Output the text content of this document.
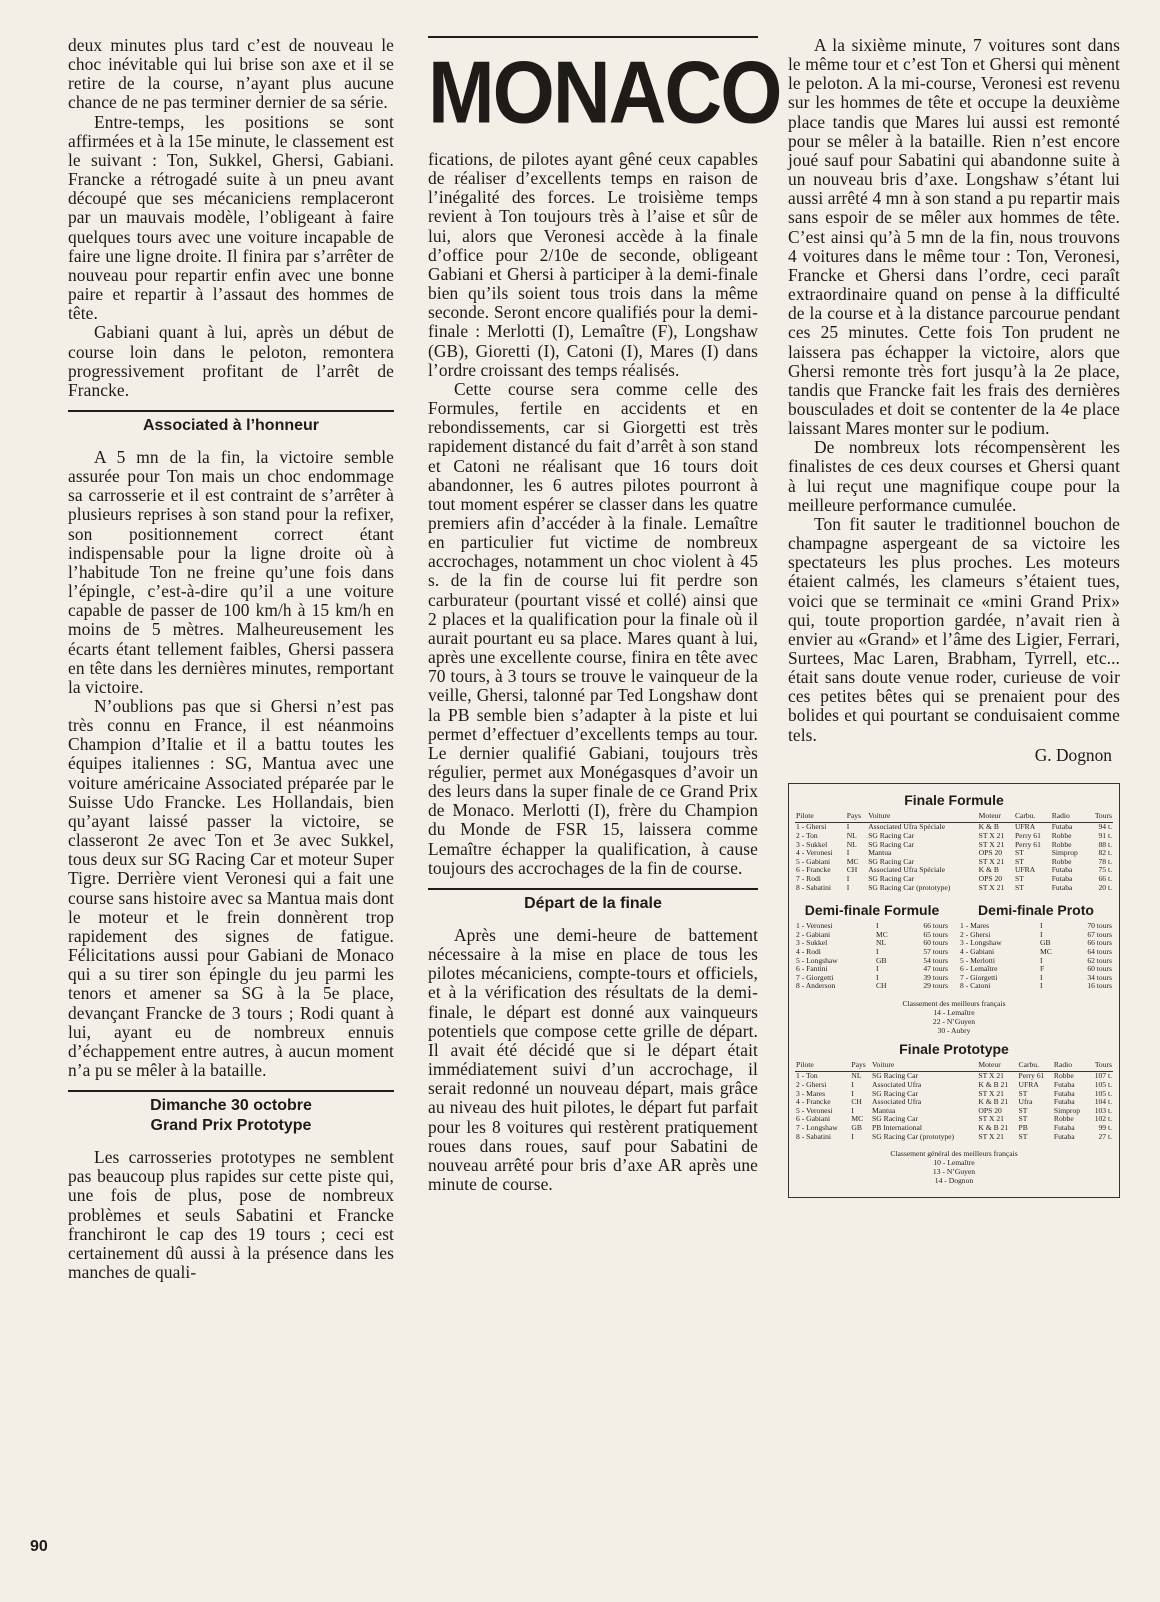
deux minutes plus tard c’est de nouveau le choc inévitable qui lui brise son axe et il se retire de la course, n’ayant plus aucune chance de ne pas terminer dernier de sa série.

Entre-temps, les positions se sont affirmées et à la 15e minute, le classement est le suivant : Ton, Sukkel, Ghersi, Gabiani. Francke a rétrogadé suite à un pneu avant découpé que ses mécaniciens remplaceront par un mauvais modèle, l’obligeant à faire quelques tours avec une voiture incapable de faire une ligne droite. Il finira par s’arrêter de nouveau pour repartir enfin avec une bonne paire et repartir à l’assaut des hommes de tête.

Gabiani quant à lui, après un début de course loin dans le peloton, remontera progressivement profitant de l’arrêt de Francke.

Associated à l’honneur

A 5 mn de la fin, la victoire semble assurée pour Ton mais un choc endommage sa carrosserie et il est contraint de s’arrêter à plusieurs reprises à son stand pour la refixer, son positionnement correct étant indispensable pour la ligne droite où à l’habitude Ton ne freine qu’une fois dans l’épingle, c’est-à-dire qu’il a une voiture capable de passer de 100 km/h à 15 km/h en moins de 5 mètres. Malheureusement les écarts étant tellement faibles, Ghersi passera en tête dans les dernières minutes, remportant la victoire.

N’oublions pas que si Ghersi n’est pas très connu en France, il est néanmoins Champion d’Italie et il a battu toutes les équipes italiennes : SG, Mantua avec une voiture américaine Associated préparée par le Suisse Udo Francke. Les Hollandais, bien qu’ayant laissé passer la victoire, se classeront 2e avec Ton et 3e avec Sukkel, tous deux sur SG Racing Car et moteur Super Tigre. Derrière vient Veronesi qui a fait une course sans histoire avec sa Mantua mais dont le moteur et le frein donnèrent trop rapidement des signes de fatigue. Félicitations aussi pour Gabiani de Monaco qui a su tirer son épingle du jeu parmi les tenors et amener sa SG à la 5e place, devançant Francke de 3 tours ; Rodi quant à lui, ayant eu de nombreux ennuis d’échappement entre autres, à aucun moment n’a pu se mêler à la bataille.

Dimanche 30 octobre
Grand Prix Prototype

Les carrosseries prototypes ne semblent pas beaucoup plus rapides sur cette piste qui, une fois de plus, pose de nombreux problèmes et seuls Sabatini et Francke franchiront le cap des 19 tours ; ceci est certainement dû aussi à la présence dans les manches de quali-

MONACO

fications, de pilotes ayant gêné ceux capables de réaliser d’excellents temps en raison de l’inégalité des forces. Le troisième temps revient à Ton toujours très à l’aise et sûr de lui, alors que Veronesi accède à la finale d’office pour 2/10e de seconde, obligeant Gabiani et Ghersi à participer à la demi-finale bien qu’ils soient tous trois dans la même seconde. Seront encore qualifiés pour la demi-finale : Merlotti (I), Lemaître (F), Longshaw (GB), Gioretti (I), Catoni (I), Mares (I) dans l’ordre croissant des temps réalisés.

Cette course sera comme celle des Formules, fertile en accidents et en rebondissements, car si Giorgetti est très rapidement distancé du fait d’arrêt à son stand et Catoni ne réalisant que 16 tours doit abandonner, les 6 autres pilotes pourront à tout moment espérer se classer dans les quatre premiers afin d’accéder à la finale. Lemaître en particulier fut victime de nombreux accrochages, notamment un choc violent à 45 s. de la fin de course lui fit perdre son carburateur (pourtant vissé et collé) ainsi que 2 places et la qualification pour la finale où il aurait pourtant eu sa place. Mares quant à lui, après une excellente course, finira en tête avec 70 tours, à 3 tours se trouve le vainqueur de la veille, Ghersi, talonné par Ted Longshaw dont la PB semble bien s’adapter à la piste et lui permet d’effectuer d’excellents temps au tour. Le dernier qualifié Gabiani, toujours très régulier, permet aux Monégasques d’avoir un des leurs dans la super finale de ce Grand Prix de Monaco. Merlotti (I), frère du Champion du Monde de FSR 15, laissera comme Lemaître échapper la qualification, à cause toujours des accrochages de la fin de course.

Départ de la finale

Après une demi-heure de battement nécessaire à la mise en place de tous les pilotes mécaniciens, compte-tours et officiels, et à la vérification des résultats de la demi-finale, le départ est donné aux vainqueurs potentiels que compose cette grille de départ. Il avait été décidé que si le départ était immédiatement suivi d’un accrochage, il serait redonné un nouveau départ, mais grâce au niveau des huit pilotes, le départ fut parfait pour les 8 voitures qui restèrent pratiquement roues dans roues, sauf pour Sabatini de nouveau arrêté pour bris d’axe AR après une minute de course.

A la sixième minute, 7 voitures sont dans le même tour et c’est Ton et Ghersi qui mènent le peloton. A la mi-course, Veronesi est revenu sur les hommes de tête et occupe la deuxième place tandis que Mares lui aussi est remonté pour se mêler à la bataille. Rien n’est encore joué sauf pour Sabatini qui abandonne suite à un nouveau bris d’axe. Longshaw s’étant lui aussi arrêté 4 mn à son stand a pu repartir mais sans espoir de se mêler aux hommes de tête. C’est ainsi qu’à 5 mn de la fin, nous trouvons 4 voitures dans le même tour : Ton, Veronesi, Francke et Ghersi dans l’ordre, ceci paraît extraordinaire quand on pense à la difficulté de la course et à la distance parcourue pendant ces 25 minutes. Cette fois Ton prudent ne laissera pas échapper la victoire, alors que Ghersi remonte très fort jusqu’à la 2e place, tandis que Francke fait les frais des dernières bousculades et doit se contenter de la 4e place laissant Mares monter sur le podium.

De nombreux lots récompensèrent les finalistes de ces deux courses et Ghersi quant à lui reçut une magnifique coupe pour la meilleure performance cumulée.

Ton fit sauter le traditionnel bouchon de champagne aspergeant de sa victoire les spectateurs les plus proches. Les moteurs étaient calmés, les clameurs s’étaient tues, voici que se terminait ce «mini Grand Prix» qui, toute proportion gardée, n’avait rien à envier au «Grand» et l’âme des Ligier, Ferrari, Surtees, Mac Laren, Brabham, Tyrrell, etc... était sans doute venue roder, curieuse de voir ces petites bêtes qui se prenaient pour des bolides et qui pourtant se conduisaient comme tels.

G. Dognon
Finale Formule
Pilote	Pays	Voiture	Moteur	Carbu.	Radio	Tours
1 - Ghersi	I	Associated Ufra Spéciale	K & B	UFRA	Futaba	94 t.
2 - Ton	NL	SG Racing Car	ST X 21	Perry 61	Robbe	91 t.
3 - Sukkel	NL	SG Racing Car	ST X 21	Perry 61	Robbe	88 t.
4 - Veronesi	I	Mantua	OPS 20	ST	Simprop	82 t.
5 - Gabiani	MC	SG Racing Car	ST X 21	ST	Robbe	78 t.
6 - Francke	CH	Associated Ufra Spéciale	K & B	UFRA	Futaba	75 t.
7 - Rodi	I	SG Racing Car	OPS 20	ST	Futaba	66 t.
8 - Sabatini	I	SG Racing Car (prototype)	ST X 21	ST	Futaba	20 t.
Demi-finale Formule
1 - Veronesi	I	66 tours
2 - Gabiani	MC	65 tours
3 - Sukkel	NL	60 tours
4 - Rodi	I	57 tours
5 - Longshaw	GB	54 tours
6 - Fantini	I	47 tours
7 - Giorgetti	I	39 tours
8 - Anderson	CH	29 tours
Demi-finale Proto
1 - Mares	I	70 tours
2 - Ghersi	I	67 tours
3 - Longshaw	GB	66 tours
4 - Gabiani	MC	64 tours
5 - Merlotti	I	62 tours
6 - Lemaître	F	60 tours
7 - Giorgetti	I	34 tours
8 - Catoni	I	16 tours
Classement des meilleurs français
14 - Lemaître
22 - N’Guyen
30 - Aubry
Finale Prototype
Pilote	Pays	Voiture	Moteur	Carbu.	Radio	Tours
1 - Ton	NL	SG Racing Car	ST X 21	Perry 61	Robbe	107 t.
2 - Ghersi	I	Associated Ufra	K & B 21	UFRA	Futaba	105 t.
3 - Mares	I	SG Racing Car	ST X 21	ST	Futaba	105 t.
4 - Francke	CH	Associated Ufra	K & B 21	Ufra	Futaba	104 t.
5 - Veronesi	I	Mantua	OPS 20	ST	Simprop	103 t.
6 - Gabiani	MC	SG Racing Car	ST X 21	ST	Robbe	102 t.
7 - Longshaw	GB	PB International	K & B 21	PB	Futaba	99 t.
8 - Sabatini	I	SG Racing Car (prototype)	ST X 21	ST	Futaba	27 t.
Classement général des meilleurs français
10 - Lemaître
13 - N’Guyen
14 - Dognon
90
